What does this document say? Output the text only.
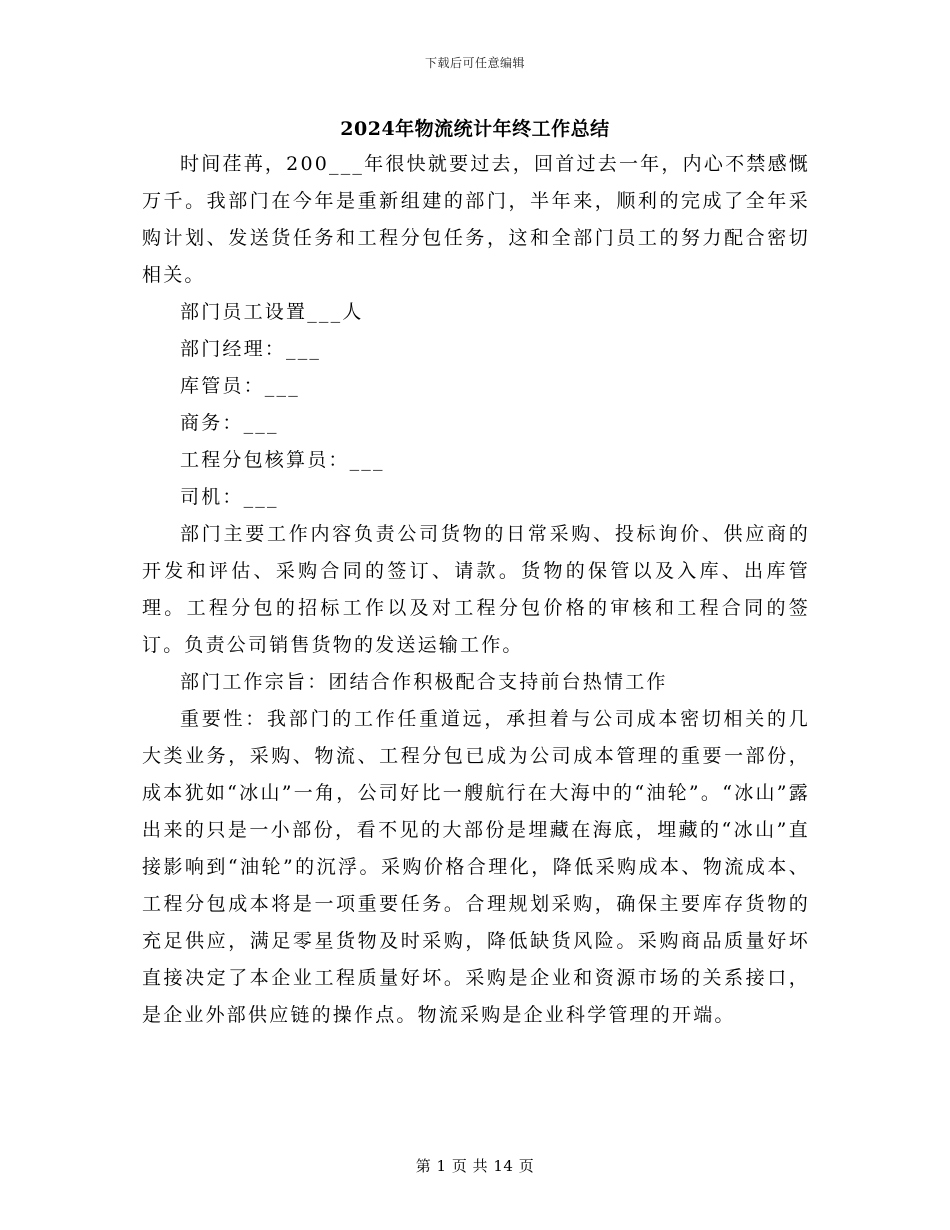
下载后可任意编辑
2024年物流统计年终工作总结

时间荏苒，200___年很快就要过去，回首过去一年，内心不禁感慨万千。我部门在今年是重新组建的部门，半年来，顺利的完成了全年采购计划、发送货任务和工程分包任务，这和全部门员工的努力配合密切相关。

部门员工设置___人

部门经理：___

库管员：___

商务：___

工程分包核算员：___

司机：___

部门主要工作内容负责公司货物的日常采购、投标询价、供应商的开发和评估、采购合同的签订、请款。货物的保管以及入库、出库管理。工程分包的招标工作以及对工程分包价格的审核和工程合同的签订。负责公司销售货物的发送运输工作。

部门工作宗旨：团结合作积极配合支持前台热情工作

重要性：我部门的工作任重道远，承担着与公司成本密切相关的几大类业务，采购、物流、工程分包已成为公司成本管理的重要一部份，成本犹如“冰山”一角，公司好比一艘航行在大海中的“油轮”。“冰山”露出来的只是一小部份，看不见的大部份是埋藏在海底，埋藏的“冰山”直接影响到“油轮”的沉浮。采购价格合理化，降低采购成本、物流成本、工程分包成本将是一项重要任务。合理规划采购，确保主要库存货物的充足供应，满足零星货物及时采购，降低缺货风险。采购商品质量好坏直接决定了本企业工程质量好坏。采购是企业和资源市场的关系接口，是企业外部供应链的操作点。物流采购是企业科学管理的开端。

第 1 页 共 14 页
